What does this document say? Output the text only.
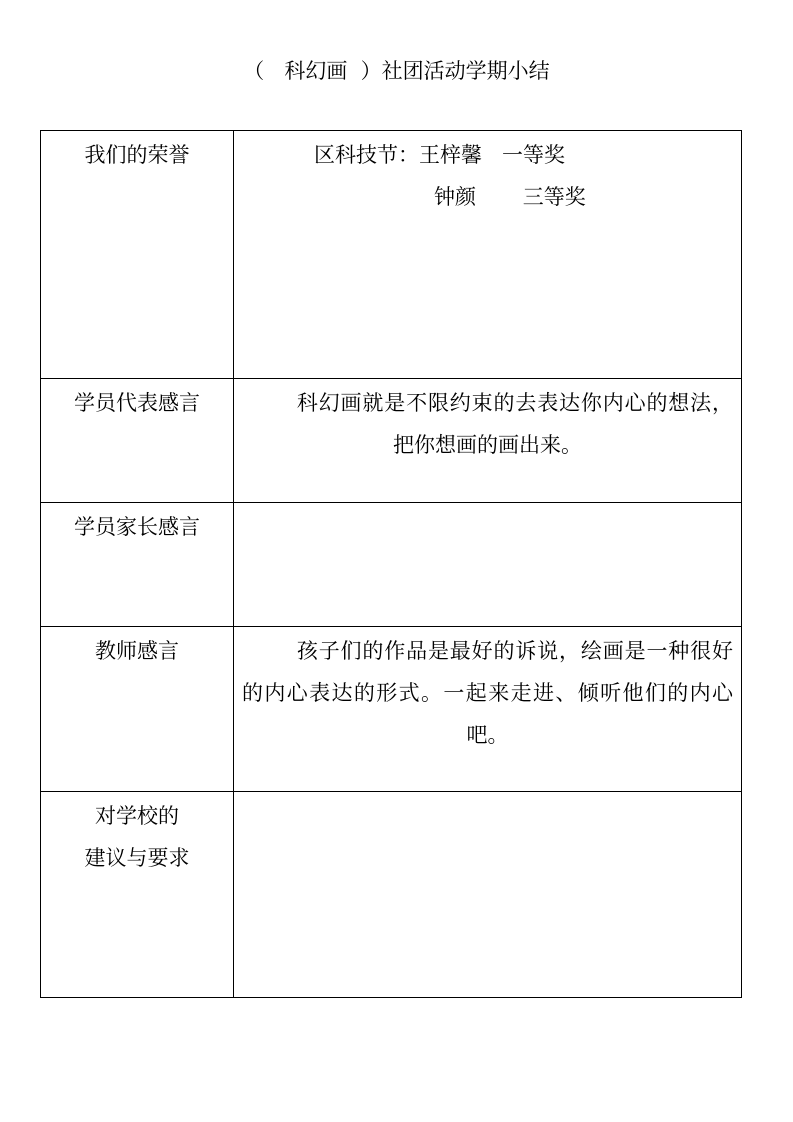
（   科幻画  ）社团活动学期小结
我们的荣誉	区科技节：王梓馨   一等奖
钟颜       三等奖

学员代表感言	科幻画就是不限约束的去表达你内心的想法，把你想画的画出来。

学员家长感言	

教师感言	孩子们的作品是最好的诉说，绘画是一种很好的内心表达的形式。一起来走进、倾听他们的内心吧。

对学校的
建议与要求	
